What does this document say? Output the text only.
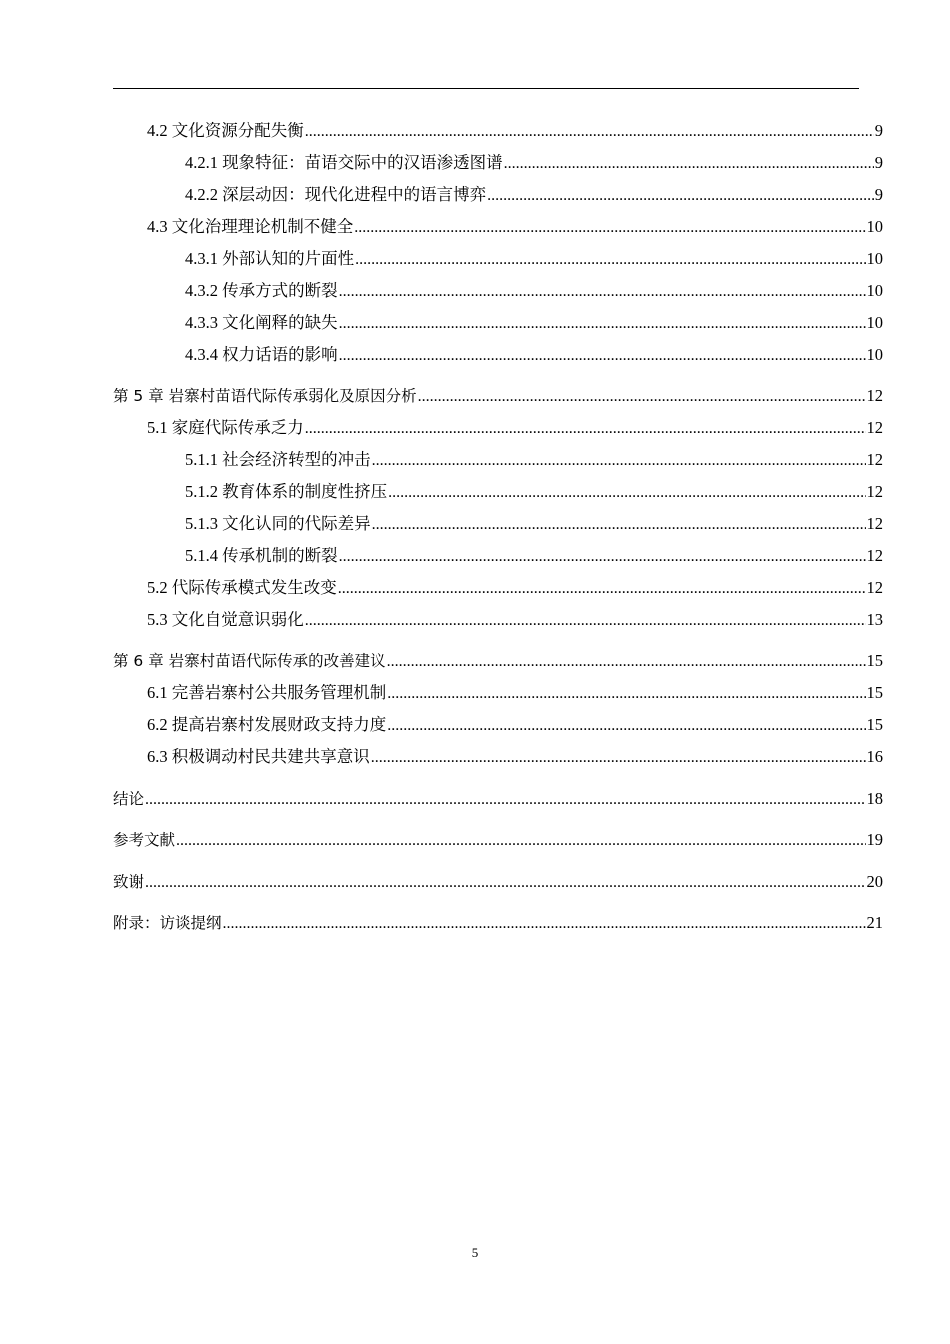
4.2 文化资源分配失衡 .....	9
4.2.1 现象特征：苗语交际中的汉语渗透图谱 .....	9
4.2.2 深层动因：现代化进程中的语言博弈 .....	9
4.3 文化治理理论机制不健全 .....	10
4.3.1 外部认知的片面性 .....	10
4.3.2 传承方式的断裂 .....	10
4.3.3 文化阐释的缺失 .....	10
4.3.4 权力话语的影响 .....	10
第 5 章 岩寨村苗语代际传承弱化及原因分析 .....	12
5.1 家庭代际传承乏力 .....	12
5.1.1 社会经济转型的冲击 .....	12
5.1.2 教育体系的制度性挤压 .....	12
5.1.3 文化认同的代际差异 .....	12
5.1.4 传承机制的断裂 .....	12
5.2 代际传承模式发生改变 .....	12
5.3 文化自觉意识弱化 .....	13
第 6 章 岩寨村苗语代际传承的改善建议 .....	15
6.1 完善岩寨村公共服务管理机制 .....	15
6.2 提高岩寨村发展财政支持力度 .....	15
6.3 积极调动村民共建共享意识 .....	16
结论 .....	18
参考文献 .....	19
致谢 .....	20
附录：访谈提纲 .....	21
5
